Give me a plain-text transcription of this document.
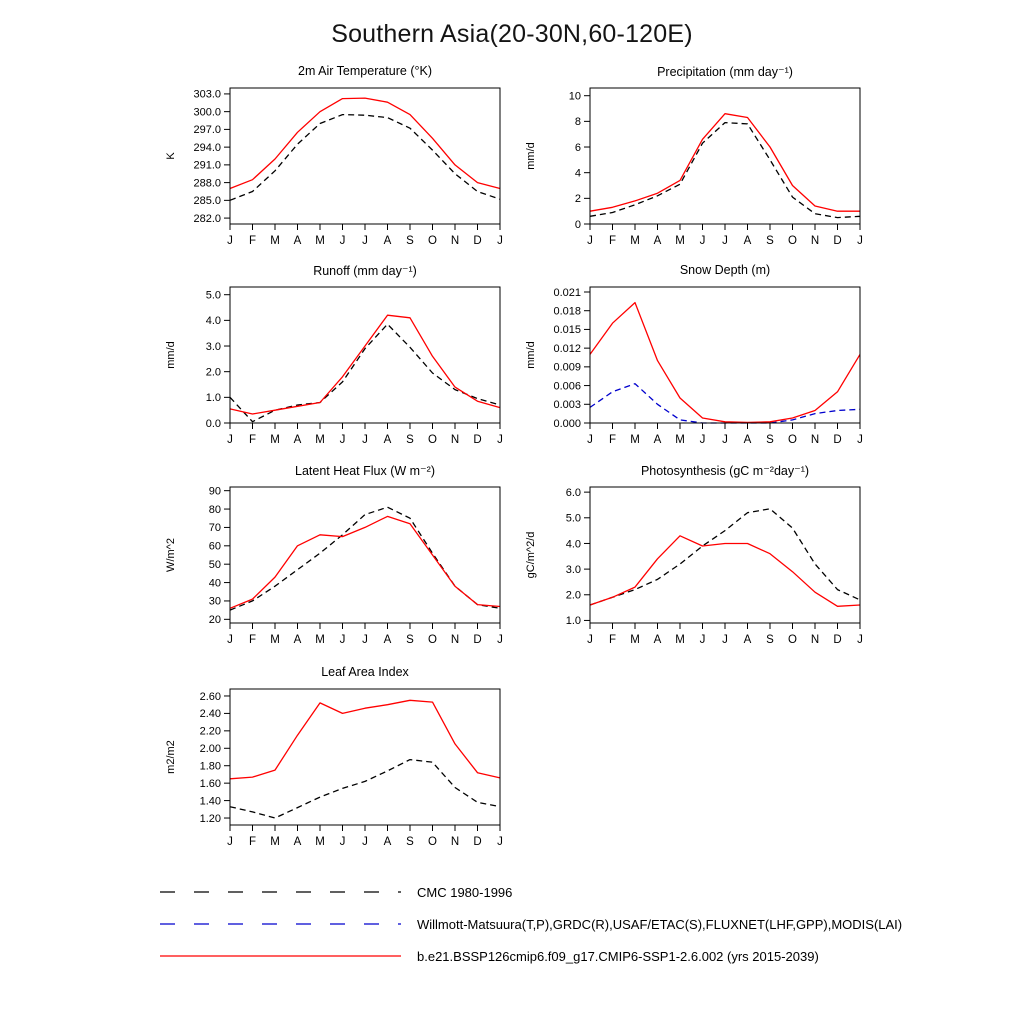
Southern Asia(20-30N,60-120E)
2m Air Temperature (°K)
282.0
285.0
288.0
291.0
294.0
297.0
300.0
303.0
J F M A M J J A S O N D J
K
Precipitation (mm day⁻¹)
0
2
4
6
8
10
J F M A M J J A S O N D J
mm/d
Runoff (mm day⁻¹)
0.0
1.0
2.0
3.0
4.0
5.0
J F M A M J J A S O N D J
mm/d
Snow Depth (m)
0.000
0.003
0.006
0.009
0.012
0.015
0.018
0.021
J F M A M J J A S O N D J
mm/d
Latent Heat Flux (W m⁻²)
20
30
40
50
60
70
80
90
J F M A M J J A S O N D J
W/m^2
Photosynthesis (gC m⁻²day⁻¹)
1.0
2.0
3.0
4.0
5.0
6.0
J F M A M J J A S O N D J
gC/m^2/d
Leaf Area Index
1.20
1.40
1.60
1.80
2.00
2.20
2.40
2.60
J F M A M J J A S O N D J
m2/m2
CMC 1980-1996
Willmott-Matsuura(T,P),GRDC(R),USAF/ETAC(S),FLUXNET(LHF,GPP),MODIS(LAI)
b.e21.BSSP126cmip6.f09_g17.CMIP6-SSP1-2.6.002 (yrs 2015-2039)
